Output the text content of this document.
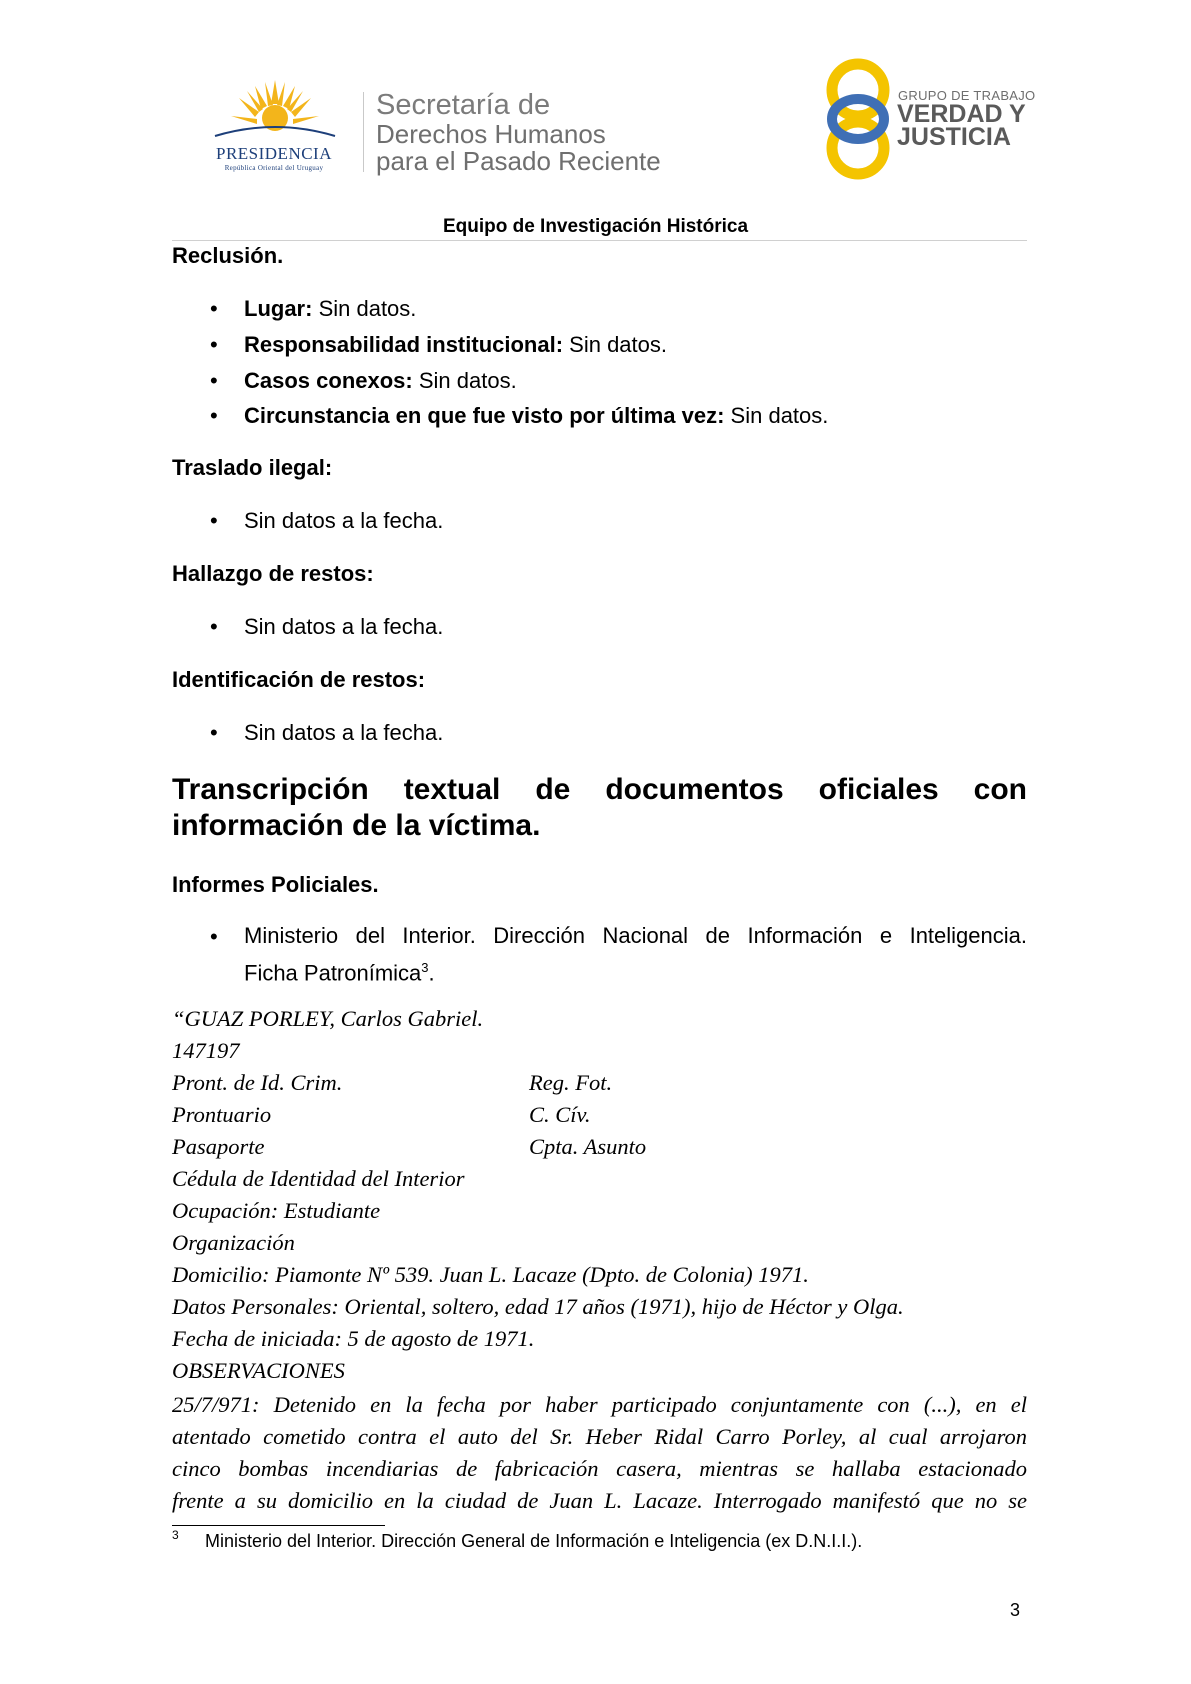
PRESIDENCIA
República Oriental del Uruguay
Secretaría de
Derechos Humanos
para el Pasado Reciente
GRUPO DE TRABAJO
VERDAD Y
JUSTICIA
Equipo de Investigación Histórica
Reclusión.
• Lugar: Sin datos.
• Responsabilidad institucional: Sin datos.
• Casos conexos: Sin datos.
• Circunstancia en que fue visto por última vez: Sin datos.
Traslado ilegal:
• Sin datos a la fecha.
Hallazgo de restos:
• Sin datos a la fecha.
Identificación de restos:
• Sin datos a la fecha.
Transcripción textual de documentos oficiales con
información de la víctima.
Informes Policiales.
• Ministerio del Interior. Dirección Nacional de Información e Inteligencia.
Ficha Patronímica$^3$.
“GUAZ PORLEY, Carlos Gabriel.
147197
Pront. de Id. Crim.	Reg. Fot.
Prontuario	C. Cív.
Pasaporte	Cpta. Asunto
Cédula de Identidad del Interior
Ocupación: Estudiante
Organización
Domicilio: Piamonte Nº 539. Juan L. Lacaze (Dpto. de Colonia) 1971.
Datos Personales: Oriental, soltero, edad 17 años (1971), hijo de Héctor y Olga.
Fecha de iniciada: 5 de agosto de 1971.
OBSERVACIONES
25/7/971: Detenido en la fecha por haber participado conjuntamente con (...), en el
atentado cometido contra el auto del Sr. Heber Ridal Carro Porley, al cual arrojaron
cinco bombas incendiarias de fabricación casera, mientras se hallaba estacionado
frente a su domicilio en la ciudad de Juan L. Lacaze. Interrogado manifestó que no se
3 Ministerio del Interior. Dirección General de Información e Inteligencia (ex D.N.I.I.).
3
